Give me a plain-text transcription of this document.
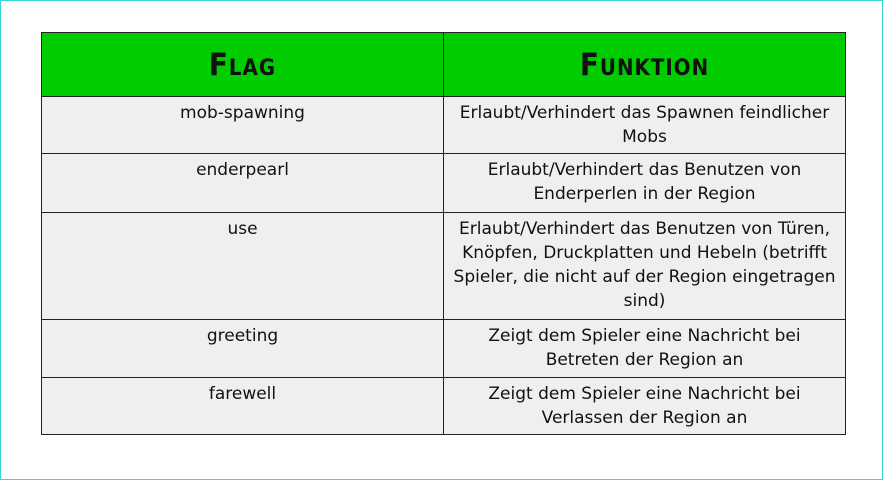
Flag	Funktion
mob-spawning	Erlaubt/Verhindert das Spawnen feindlicher Mobs
enderpearl	Erlaubt/Verhindert das Benutzen von Enderperlen in der Region
use	Erlaubt/Verhindert das Benutzen von Türen, Knöpfen, Druckplatten und Hebeln (betrifft Spieler, die nicht auf der Region eingetragen sind)
greeting	Zeigt dem Spieler eine Nachricht bei Betreten der Region an
farewell	Zeigt dem Spieler eine Nachricht bei Verlassen der Region an
